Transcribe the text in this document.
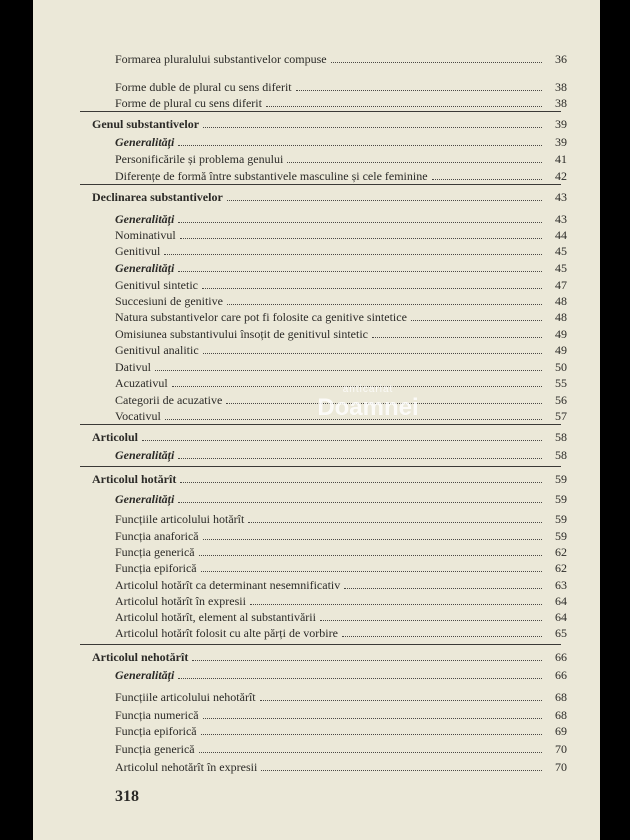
Formarea pluralului substantivelor compuse	36
Forme duble de plural cu sens diferit	38
Forme de plural cu sens diferit	38
Genul substantivelor	39
Generalități	39
Personificările și problema genului	41
Diferențe de formă între substantivele masculine și cele feminine	42
Declinarea substantivelor	43
Generalități	43
Nominativul	44
Genitivul	45
Generalități	45
Genitivul sintetic	47
Succesiuni de genitive	48
Natura substantivelor care pot fi folosite ca genitive sintetice	48
Omisiunea substantivului însoțit de genitivul sintetic	49
Genitivul analitic	49
Dativul	50
Acuzativul	55
Categorii de acuzative	56
Vocativul	57
Articolul	58
Generalități	58
Articolul hotărît	59
Generalități	59
Funcțiile articolului hotărît	59
Funcția anaforică	59
Funcția generică	62
Funcția epiforică	62
Articolul hotărît ca determinant nesemnificativ	63
Articolul hotărît în expresii	64
Articolul hotărît, element al substantivării	64
Articolul hotărît folosit cu alte părți de vorbire	65
Articolul nehotărît	66
Generalități	66
Funcțiile articolului nehotărît	68
Funcția numerică	68
Funcția epiforică	69
Funcția generică	70
Articolul nehotărît în expresii	70
318
anticariat
Doamnei
